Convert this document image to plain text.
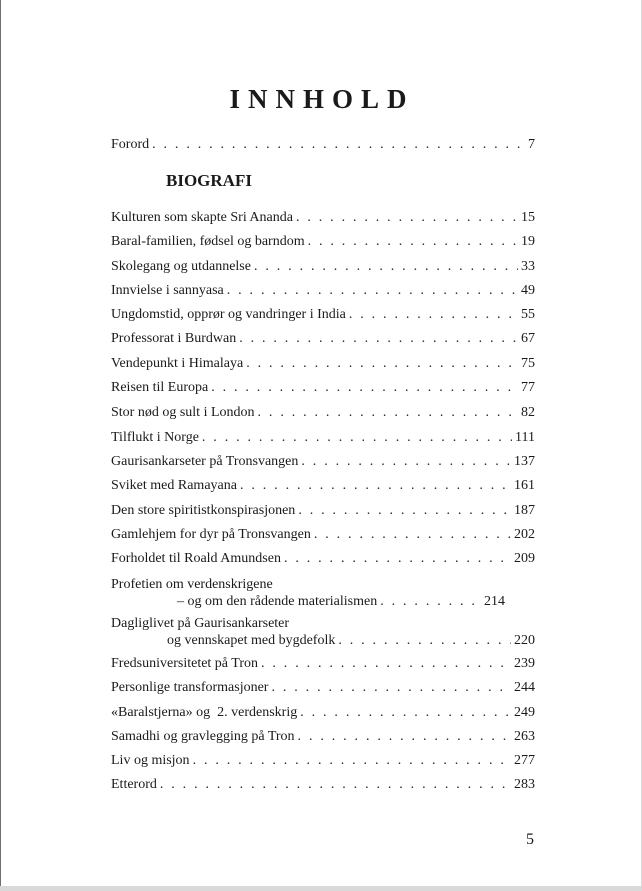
INNHOLD
Forord . . .	7
BIOGRAFI
Kulturen som skapte Sri Ananda . . .	15
Baral-familien, fødsel og barndom . . .	19
Skolegang og utdannelse . . .	33
Innvielse i sannyasa . . .	49
Ungdomstid, opprør og vandringer i India . . .	55
Professorat i Burdwan . . .	67
Vendepunkt i Himalaya . . .	75
Reisen til Europa . . .	77
Stor nød og sult i London . . .	82
Tilflukt i Norge . . .	111
Gaurisankarseter på Tronsvangen . . .	137
Sviket med Ramayana . . .	161
Den store spiritistkonspirasjonen . . .	187
Gamlehjem for dyr på Tronsvangen . . .	202
Forholdet til Roald Amundsen . . .	209
Profetien om verdenskrigene
– og om den rådende materialismen . . .	214
Dagliglivet på Gaurisankarseter
og vennskapet med bygdefolk . . .	220
Fredsuniversitetet på Tron . . .	239
Personlige transformasjoner . . .	244
«Baralstjerna» og  2. verdenskrig . . .	249
Samadhi og gravlegging på Tron . . .	263
Liv og misjon . . .	277
Etterord . . .	283
5
